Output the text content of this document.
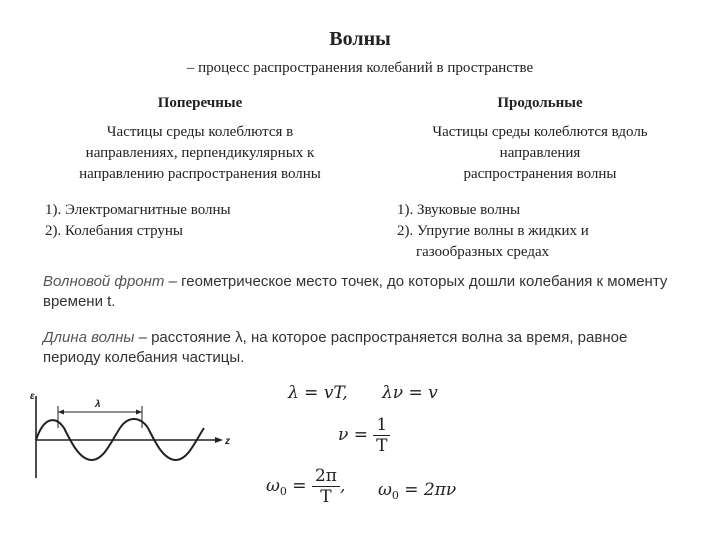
Волны
– процесс распространения колебаний в пространстве
Поперечные
Частицы среды колеблются в
направлениях, перпендикулярных к
направлению распространения волны
1). Электромагнитные волны
2). Колебания струны
Продольные
Частицы среды колеблются вдоль
направления
распространения волны
1). Звуковые волны
2). Упругие волны в жидких и
газообразных средах
Волновой фронт – геометрическое место точек, до которых дошли колебания к моменту времени t.
Длина волны – расстояние λ, на которое распространяется волна за время, равное периоду колебания частицы.
ε
z
λ
λ = vT, λν = v
$\nu = \frac{1}{T}$
$\omega_0 = \frac{2\pi}{T}$ , $\omega_0 = 2\pi\nu$
